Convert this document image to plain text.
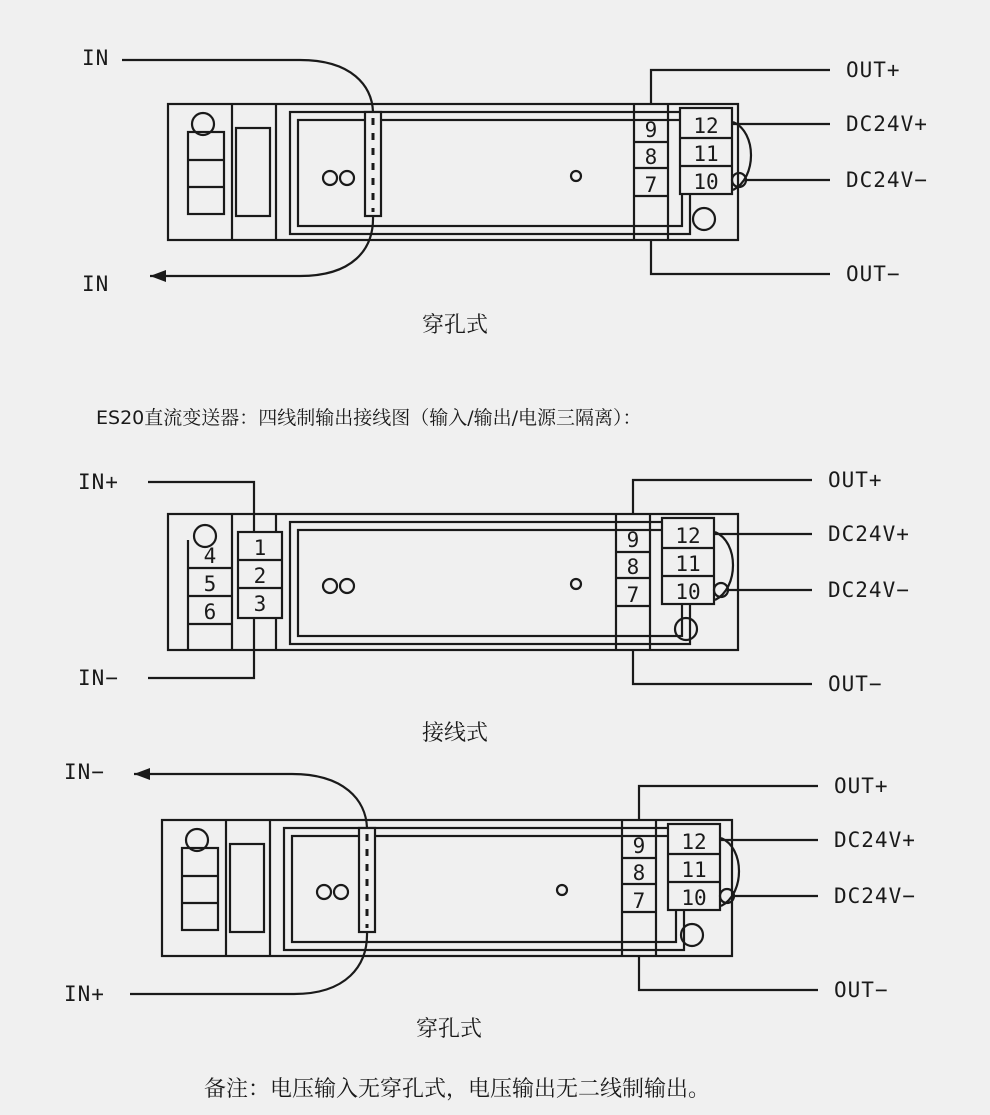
IN
IN
OUT+
DC24V+
DC24V−
OUT−
9
8
7
12
11
10
穿孔式
ES20直流变送器：四线制输出接线图（输入/输出/电源三隔离）：
IN+
IN−
OUT+
DC24V+
DC24V−
OUT−
4
5
6
1
2
3
9
8
7
12
11
10
接线式
IN−
IN+
OUT+
DC24V+
DC24V−
OUT−
9
8
7
12
11
10
穿孔式
备注：电压输入无穿孔式，电压输出无二线制输出。
